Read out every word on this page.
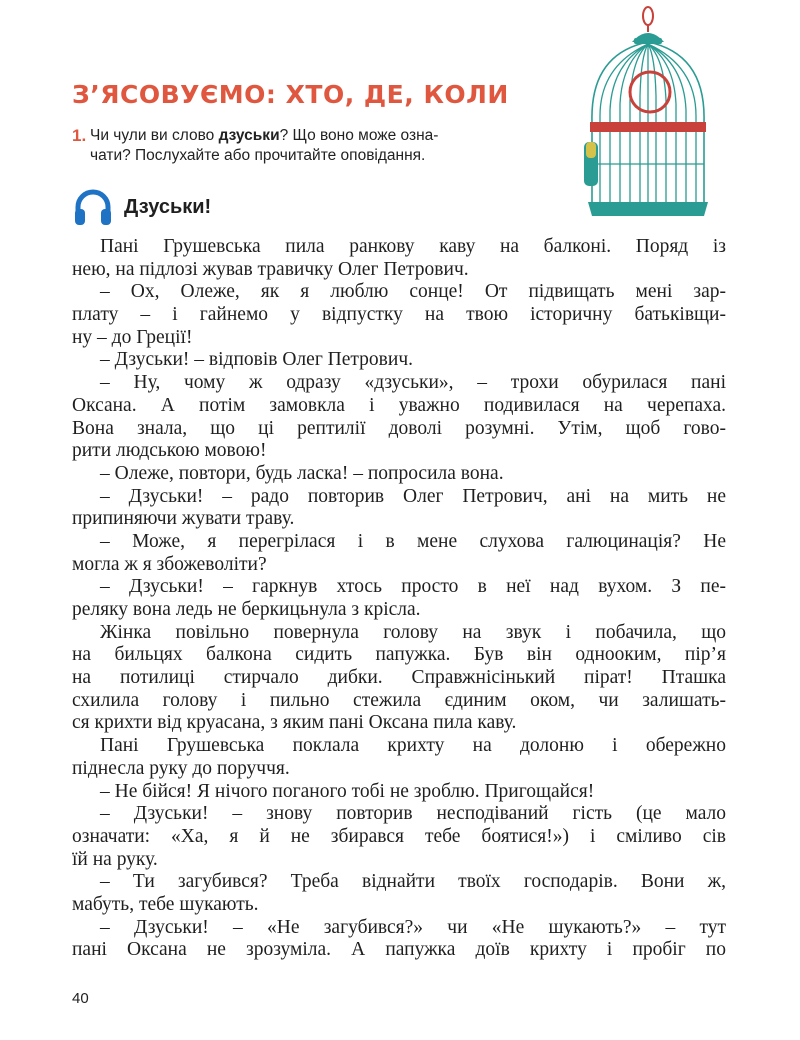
З’ЯСОВУЄМО: ХТО, ДЕ, КОЛИ
1. Чи чули ви слово дзуськи? Що воно може озна-
чати? Послухайте або прочитайте оповідання.
Дзуськи!
Пані Грушевська пила ранкову каву на балконі. Поряд із
нею, на підлозі жував травичку Олег Петрович.
– Ох, Олеже, як я люблю сонце! От підвищать мені зар-
плату – і гайнемо у відпустку на твою історичну батьківщи-
ну – до Греції!
– Дзуськи! – відповів Олег Петрович.
– Ну, чому ж одразу «дзуськи», – трохи обурилася пані
Оксана. А потім замовкла і уважно подивилася на черепаха.
Вона знала, що ці рептилії доволі розумні. Утім, щоб гово-
рити людською мовою!
– Олеже, повтори, будь ласка! – попросила вона.
– Дзуськи! – радо повторив Олег Петрович, ані на мить не
припиняючи жувати траву.
– Може, я перегрілася і в мене слухова галюцинація? Не
могла ж я збожеволіти?
– Дзуськи! – гаркнув хтось просто в неї над вухом. З пе-
реляку вона ледь не беркицьнула з крісла.
Жінка повільно повернула голову на звук і побачила, що
на бильцях балкона сидить папужка. Був він однооким, пір’я
на потилиці стирчало дибки. Справжнісінький пірат! Пташка
схилила голову і пильно стежила єдиним оком, чи залишать-
ся крихти від круасана, з яким пані Оксана пила каву.
Пані Грушевська поклала крихту на долоню і обережно
піднесла руку до поруччя.
– Не бійся! Я нічого поганого тобі не зроблю. Пригощайся!
– Дзуськи! – знову повторив несподіваний гість (це мало
означати: «Ха, я й не збирався тебе боятися!») і сміливо сів
їй на руку.
– Ти загубився? Треба віднайти твоїх господарів. Вони ж,
мабуть, тебе шукають.
– Дзуськи! – «Не загубився?» чи «Не шукають?» – тут
пані Оксана не зрозуміла. А папужка доїв крихту і пробіг по
40
